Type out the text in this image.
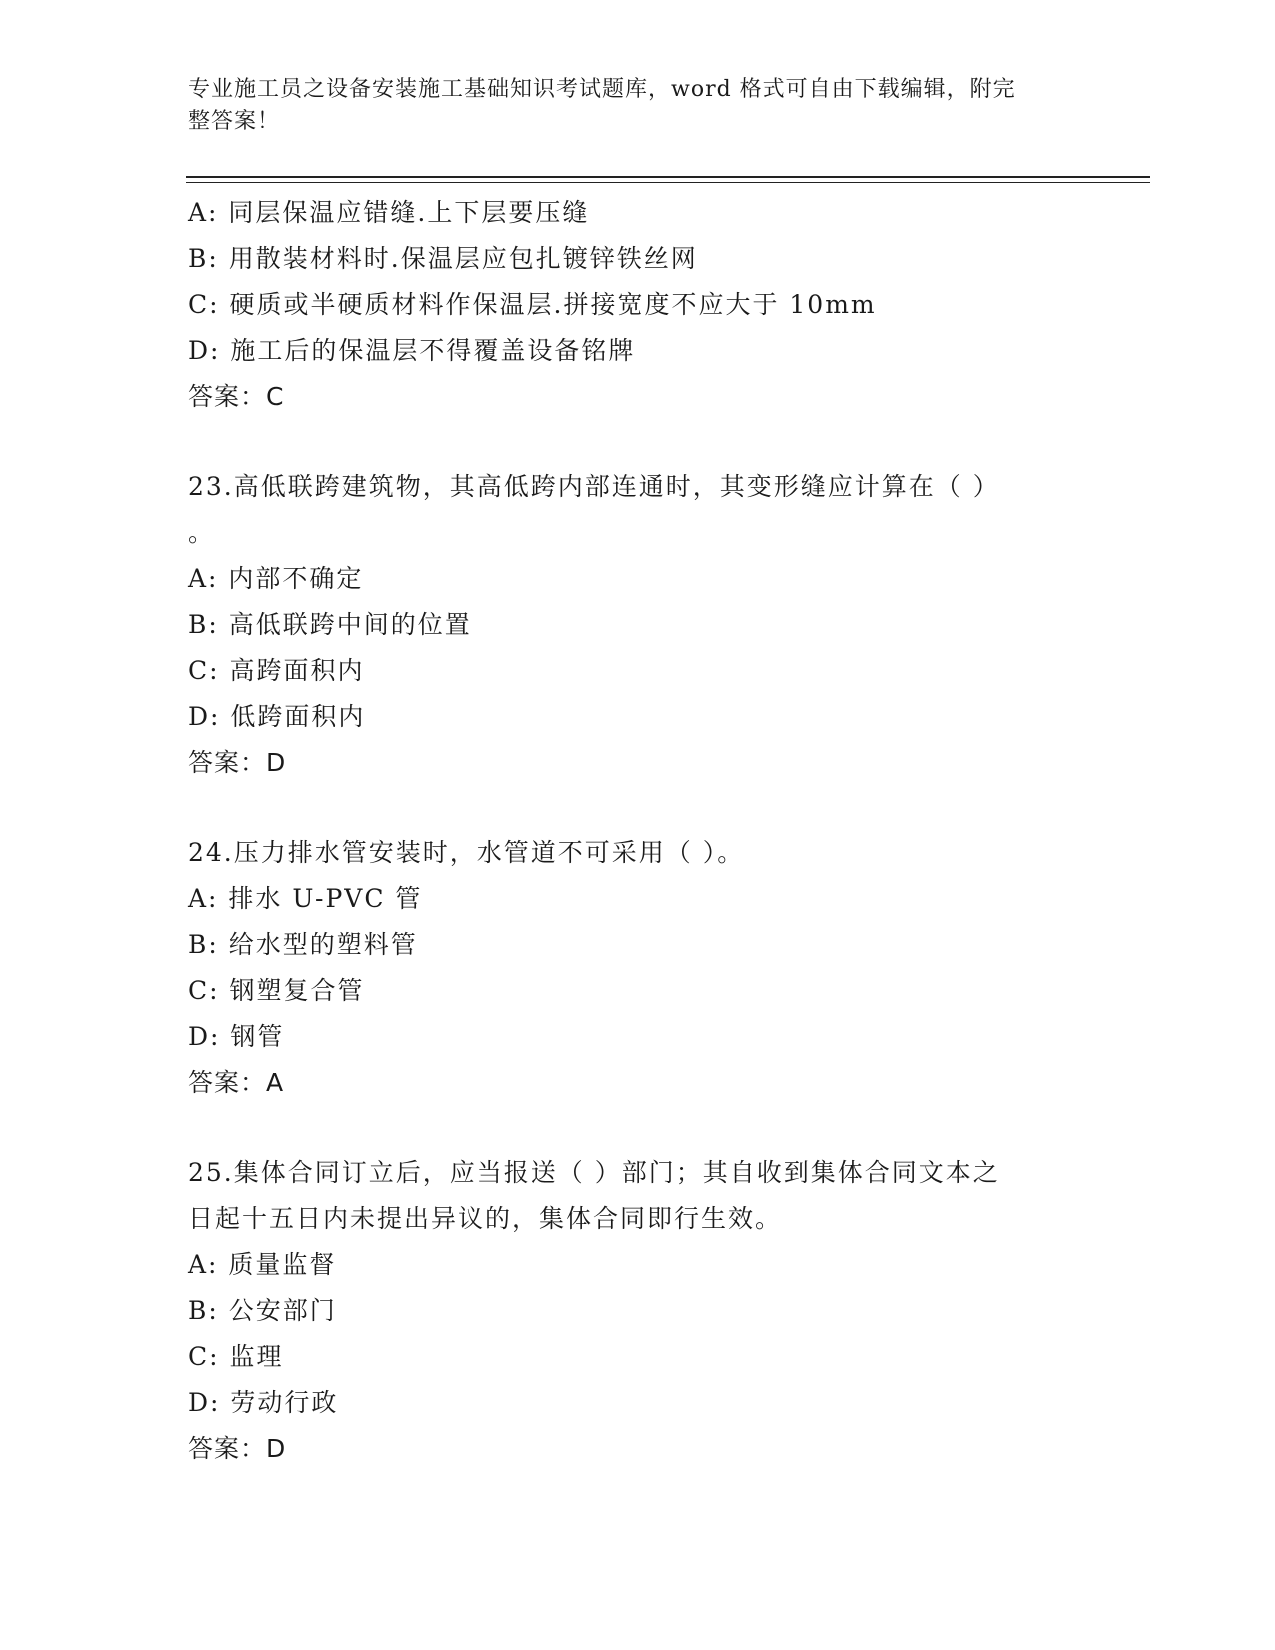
专业施工员之设备安装施工基础知识考试题库，word 格式可自由下载编辑，附完
整答案！
A: 同层保温应错缝.上下层要压缝
B: 用散装材料时.保温层应包扎镀锌铁丝网
C: 硬质或半硬质材料作保温层.拼接宽度不应大于 10mm
D: 施工后的保温层不得覆盖设备铭牌
答案：C
23.高低联跨建筑物，其高低跨内部连通时，其变形缝应计算在（ ）
。
A: 内部不确定
B: 高低联跨中间的位置
C: 高跨面积内
D: 低跨面积内
答案：D
24.压力排水管安装时，水管道不可采用（ ）。
A: 排水 U-PVC 管
B: 给水型的塑料管
C: 钢塑复合管
D: 钢管
答案：A
25.集体合同订立后，应当报送（ ）部门；其自收到集体合同文本之
日起十五日内未提出异议的，集体合同即行生效。
A: 质量监督
B: 公安部门
C: 监理
D: 劳动行政
答案：D
